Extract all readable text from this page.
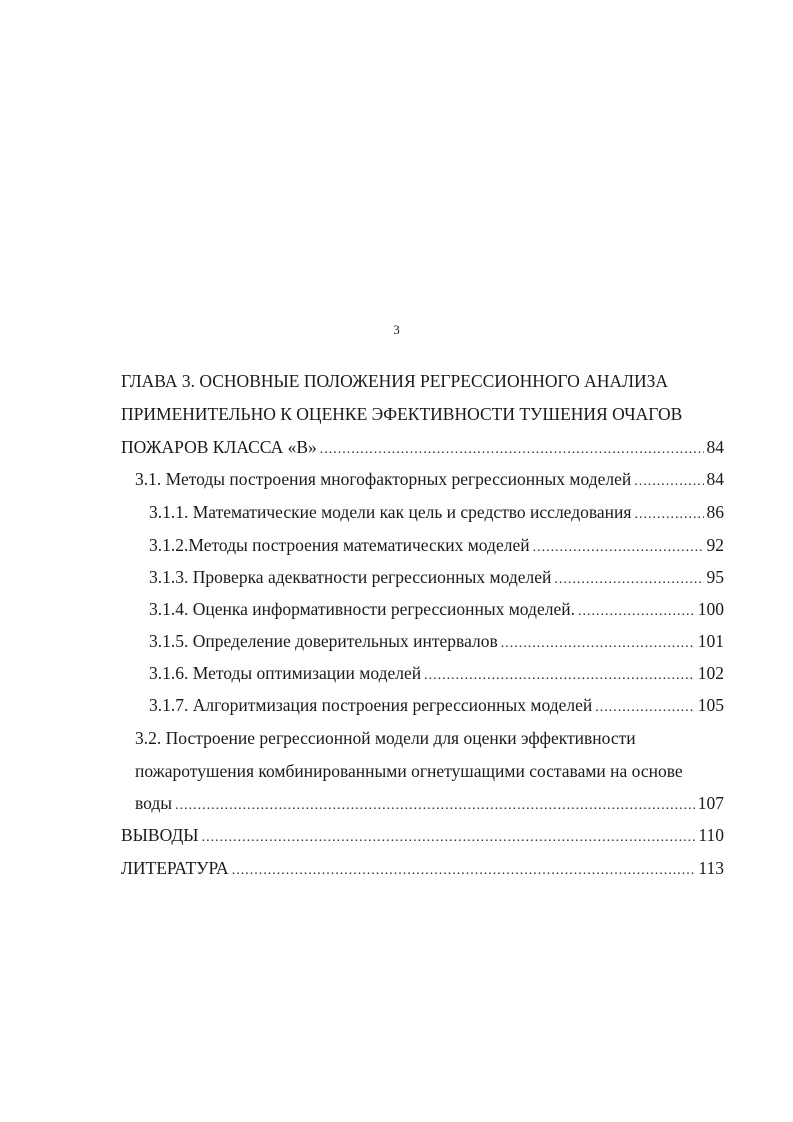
3
ГЛАВА 3. ОСНОВНЫЕ ПОЛОЖЕНИЯ РЕГРЕССИОННОГО АНАЛИЗА
ПРИМЕНИТЕЛЬНО К ОЦЕНКЕ ЭФЕКТИВНОСТИ ТУШЕНИЯ ОЧАГОВ
ПОЖАРОВ КЛАССА «В» .....	84
3.1. Методы построения многофакторных регрессионных моделей .....	84
3.1.1. Математические модели как цель и средство исследования .....	86
3.1.2.Методы построения математических моделей .....	92
3.1.3. Проверка адекватности регрессионных моделей .....	95
3.1.4. Оценка информативности регрессионных моделей. .....	100
3.1.5. Определение доверительных интервалов .....	101
3.1.6. Методы оптимизации моделей .....	102
3.1.7. Алгоритмизация построения регрессионных моделей .....	105
3.2. Построение регрессионной модели для оценки эффективности
пожаротушения комбинированными огнетушащими составами на основе
воды .....	107
ВЫВОДЫ .....	110
ЛИТЕРАТУРА .....	113
